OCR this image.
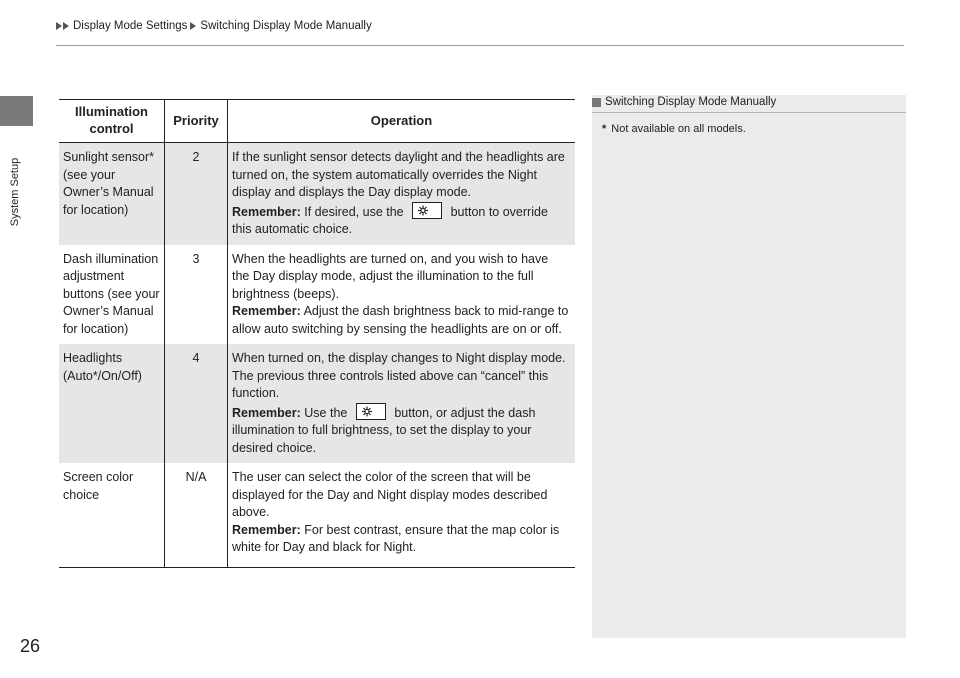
Display Mode Settings Switching Display Mode Manually
System Setup
Illumination control	Priority	Operation
Sunlight sensor* (see your Owner’s Manual for location)	2	If the sunlight sensor detects daylight and the headlights are turned on, the system automatically overrides the Night display and displays the Day display mode.
Remember: If desired, use the button to override this automatic choice.
Dash illumination adjustment buttons (see your Owner’s Manual for location)	3	When the headlights are turned on, and you wish to have the Day display mode, adjust the illumination to the full brightness (beeps).
Remember: Adjust the dash brightness back to mid-range to allow auto switching by sensing the headlights are on or off.
Headlights (Auto*/On/Off)	4	When turned on, the display changes to Night display mode. The previous three controls listed above can “cancel” this function.
Remember: Use the button, or adjust the dash illumination to full brightness, to set the display to your desired choice.
Screen color choice	N/A	The user can select the color of the screen that will be displayed for the Day and Night display modes described above.
Remember: For best contrast, ensure that the map color is white for Day and black for Night.
Switching Display Mode Manually
* Not available on all models.
26
